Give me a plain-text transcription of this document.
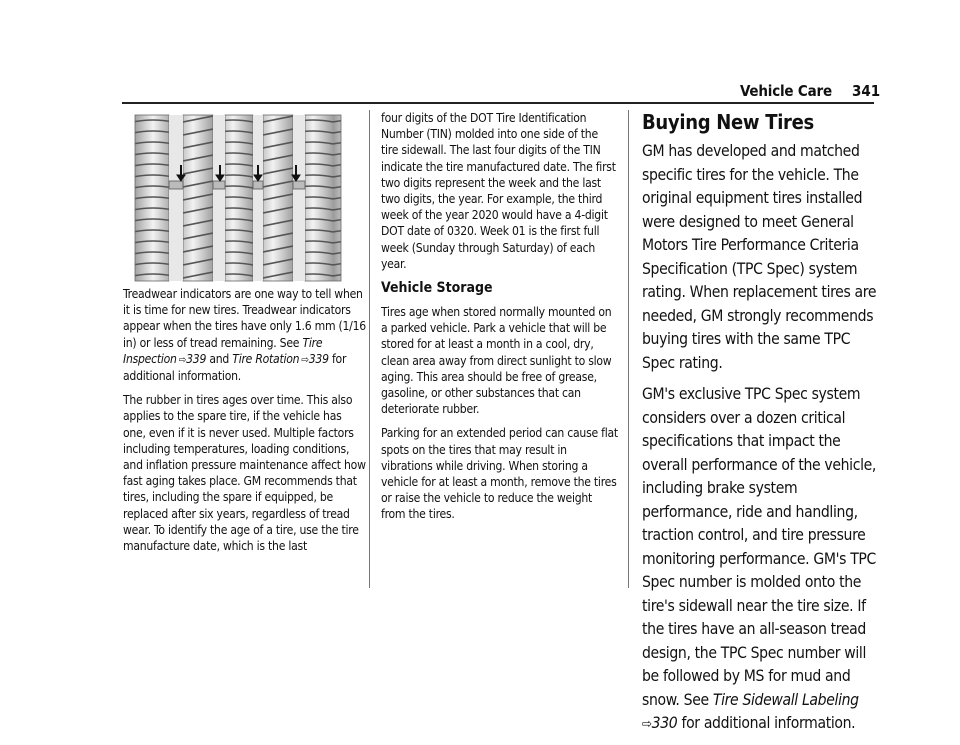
Vehicle Care 341

Treadwear indicators are one way to tell when it is time for new tires. Treadwear indicators appear when the tires have only 1.6 mm (1/16 in) or less of tread remaining. See Tire Inspection  ⇨339 and Tire Rotation  ⇨339 for additional information.

The rubber in tires ages over time. This also applies to the spare tire, if the vehicle has one, even if it is never used. Multiple factors including temperatures, loading conditions, and inflation pressure maintenance affect how fast aging takes place. GM recommends that tires, including the spare if equipped, be replaced after six years, regardless of tread wear. To identify the age of a tire, use the tire manufacture date, which is the last

four digits of the DOT Tire Identification Number (TIN) molded into one side of the tire sidewall. The last four digits of the TIN indicate the tire manufactured date. The first two digits represent the week and the last two digits, the year. For example, the third week of the year 2020 would have a 4-digit DOT date of 0320. Week 01 is the first full week (Sunday through Saturday) of each year.

Vehicle Storage

Tires age when stored normally mounted on a parked vehicle. Park a vehicle that will be stored for at least a month in a cool, dry, clean area away from direct sunlight to slow aging. This area should be free of grease, gasoline, or other substances that can deteriorate rubber.

Parking for an extended period can cause flat spots on the tires that may result in vibrations while driving. When storing a vehicle for at least a month, remove the tires or raise the vehicle to reduce the weight from the tires.

Buying New Tires

GM has developed and matched specific tires for the vehicle. The original equipment tires installed were designed to meet General Motors Tire Performance Criteria Specification (TPC Spec) system rating. When replacement tires are needed, GM strongly recommends buying tires with the same TPC Spec rating.

GM's exclusive TPC Spec system considers over a dozen critical specifications that impact the overall performance of the vehicle, including brake system performance, ride and handling, traction control, and tire pressure monitoring performance. GM's TPC Spec number is molded onto the tire's sidewall near the tire size. If the tires have an all-season tread design, the TPC Spec number will be followed by MS for mud and snow. See Tire Sidewall Labeling ⇨330 for additional information.
